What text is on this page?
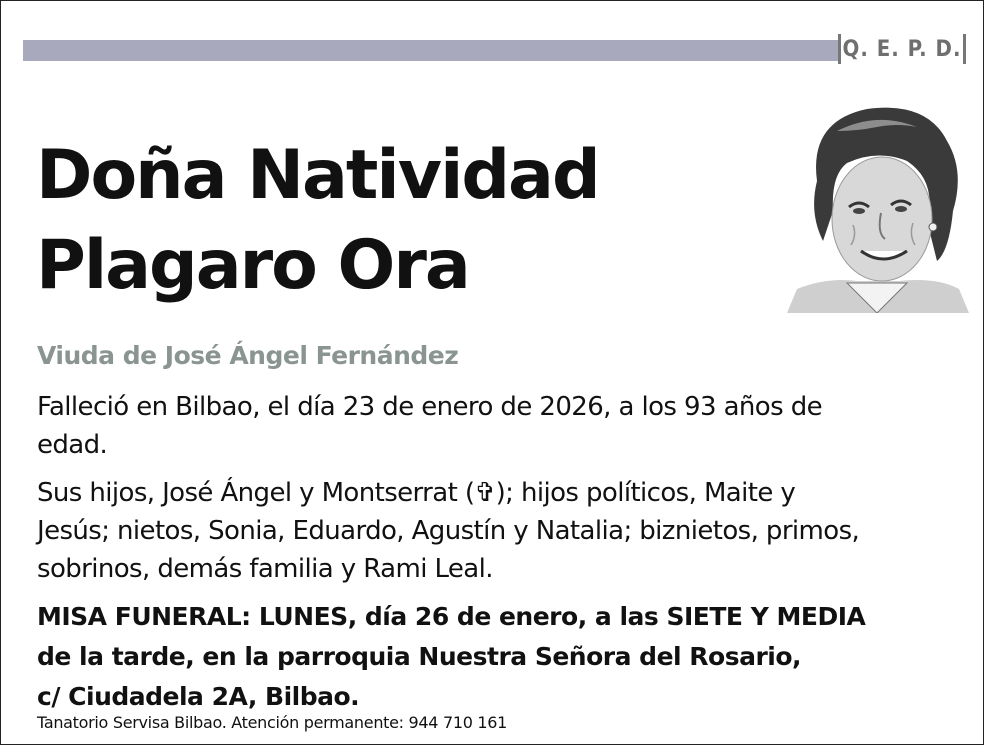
Q. E. P. D.
Doña Natividad
Plagaro Ora
Viuda de José Ángel Fernández
Falleció en Bilbao, el día 23 de enero de 2026, a los 93 años de
edad.
Sus hijos, José Ángel y Montserrat (✞); hijos políticos, Maite y
Jesús; nietos, Sonia, Eduardo, Agustín y Natalia; biznietos, primos,
sobrinos, demás familia y Rami Leal.
MISA FUNERAL: LUNES, día 26 de enero, a las SIETE Y MEDIA
de la tarde, en la parroquia Nuestra Señora del Rosario,
c/ Ciudadela 2A, Bilbao.
Tanatorio Servisa Bilbao. Atención permanente: 944 710 161
